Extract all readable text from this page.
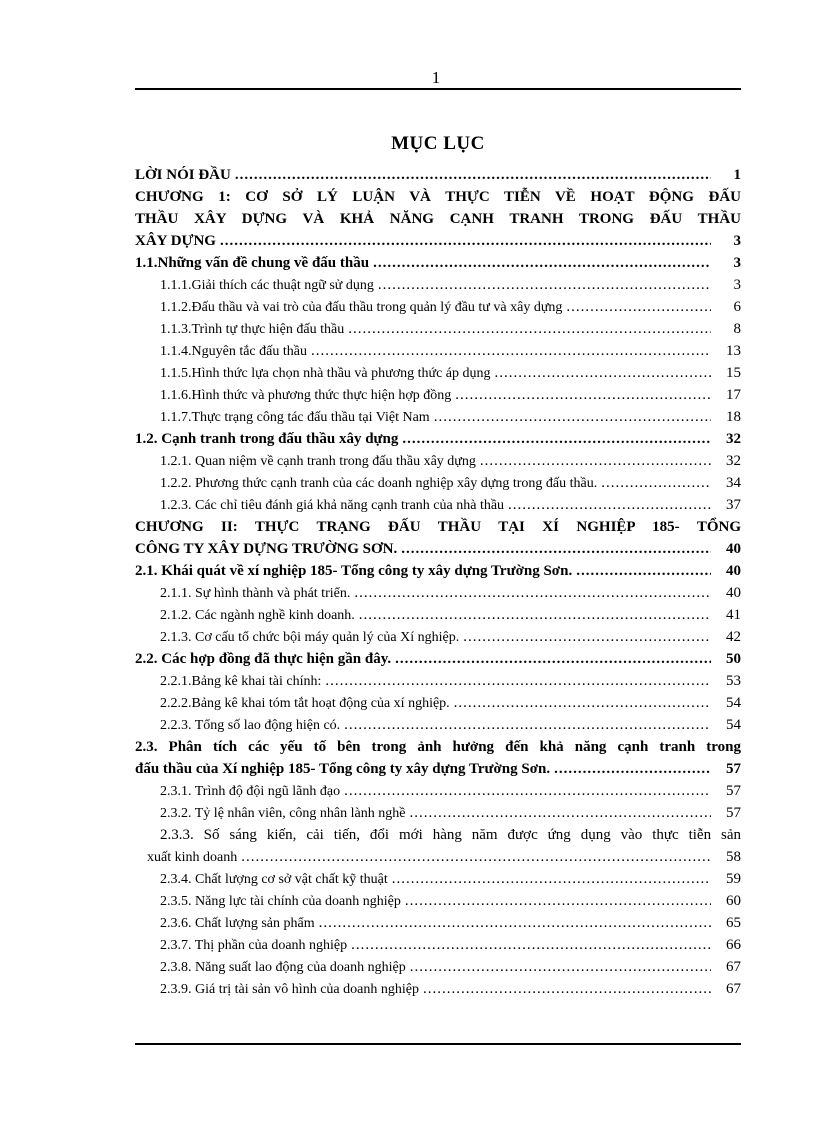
1
MỤC LỤC
LỜI NÓI ĐẦU .....	1
CHƯƠNG 1: CƠ SỞ LÝ LUẬN VÀ THỰC TIỄN VỀ HOẠT ĐỘNG ĐẤU
THẦU XÂY DỰNG VÀ KHẢ NĂNG CẠNH TRANH TRONG ĐẤU THẦU
XÂY DỰNG .....	3
1.1.Những vấn đề chung về đấu thầu .....	3
1.1.1.Giải thích các thuật ngữ sử dụng .....	3
1.1.2.Đấu thầu và vai trò của đấu thầu trong quản lý đầu tư và xây dựng .....	6
1.1.3.Trình tự thực hiện đấu thầu .....	8
1.1.4.Nguyên tắc đấu thầu .....	13
1.1.5.Hình thức lựa chọn nhà thầu và phương thức áp dụng .....	15
1.1.6.Hình thức và phương thức thực hiện hợp đồng .....	17
1.1.7.Thực trạng công tác đấu thầu tại Việt Nam .....	18
1.2. Cạnh tranh trong đấu thầu xây dựng .....	32
1.2.1. Quan niệm về cạnh tranh trong đấu thầu xây dựng .....	32
1.2.2. Phương thức cạnh tranh của các doanh nghiệp xây dựng trong đấu thầu. .....	34
1.2.3. Các chỉ tiêu đánh giá khả năng cạnh tranh của nhà thầu .....	37
CHƯƠNG II: THỰC TRẠNG ĐẤU THẦU TẠI XÍ NGHIỆP 185- TỔNG
CÔNG TY XÂY DỰNG TRƯỜNG SƠN. .....	40
2.1. Khái quát về xí nghiệp 185- Tổng công ty xây dựng Trường Sơn. .....	40
2.1.1. Sự hình thành và phát triển. .....	40
2.1.2. Các ngành nghề kinh doanh. .....	41
2.1.3. Cơ cấu tổ chức bội máy quản lý của Xí nghiệp. .....	42
2.2. Các hợp đồng đã thực hiện gần đây. .....	50
2.2.1.Bảng kê khai tài chính: .....	53
2.2.2.Bảng kê khai tóm tắt hoạt động của xí nghiệp. .....	54
2.2.3. Tổng số lao động hiện có. .....	54
2.3. Phân tích các yếu tố bên trong ảnh hưởng đến khả năng cạnh tranh trong
đấu thầu của Xí nghiệp 185- Tổng công ty xây dựng Trường Sơn. .....	57
2.3.1. Trình độ đội ngũ lãnh đạo .....	57
2.3.2. Tỷ lệ nhân viên, công nhân lành nghề .....	57
2.3.3. Số sáng kiến, cải tiến, đổi mới hàng năm được ứng dụng vào thực tiễn sản
xuất kinh doanh .....	58
2.3.4. Chất lượng cơ sở vật chất kỹ thuật .....	59
2.3.5. Năng lực tài chính của doanh nghiệp .....	60
2.3.6. Chất lượng sản phẩm .....	65
2.3.7. Thị phần của doanh nghiệp .....	66
2.3.8. Năng suất lao động của doanh nghiệp .....	67
2.3.9. Giá trị tài sản vô hình của doanh nghiệp .....	67
